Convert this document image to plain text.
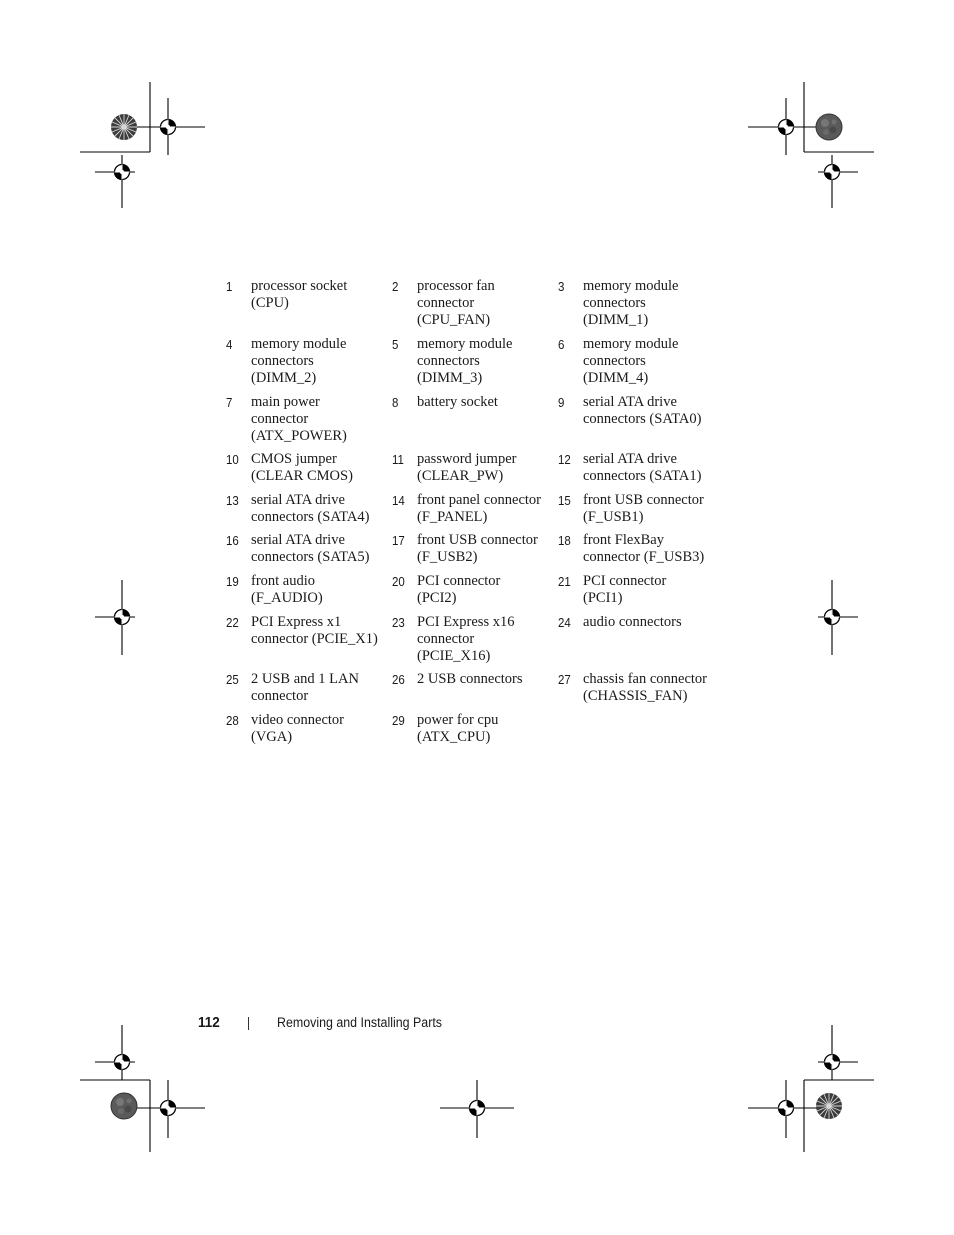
1	processor socket
(CPU)
2	processor fan
connector
(CPU_FAN)
3	memory module
connectors
(DIMM_1)
4	memory module
connectors
(DIMM_2)
5	memory module
connectors
(DIMM_3)
6	memory module
connectors
(DIMM_4)
7	main power
connector
(ATX_POWER)
8	battery socket	9	serial ATA drive
connectors (SATA0)
10 CMOS jumper
(CLEAR CMOS)
11 password jumper
(CLEAR_PW)
12 serial ATA drive
connectors (SATA1)
13 serial ATA drive
connectors (SATA4)
14 front panel connector
(F_PANEL)
15 front USB connector
(F_USB1)
16 serial ATA drive
connectors (SATA5)
17 front USB connector
(F_USB2)
18 front FlexBay
connector (F_USB3)
19 front audio
(F_AUDIO)
20 PCI connector
(PCI2)
21 PCI connector
(PCI1)
22 PCI Express x1
connector (PCIE_X1)
23 PCI Express x16
connector
(PCIE_X16)
24 audio connectors
25 2 USB and 1 LAN
connector
26 2 USB connectors	27 chassis fan connector
(CHASSIS_FAN)
28 video connector
(VGA)
29 power for cpu
(ATX_CPU)
112	Removing and Installing Parts
